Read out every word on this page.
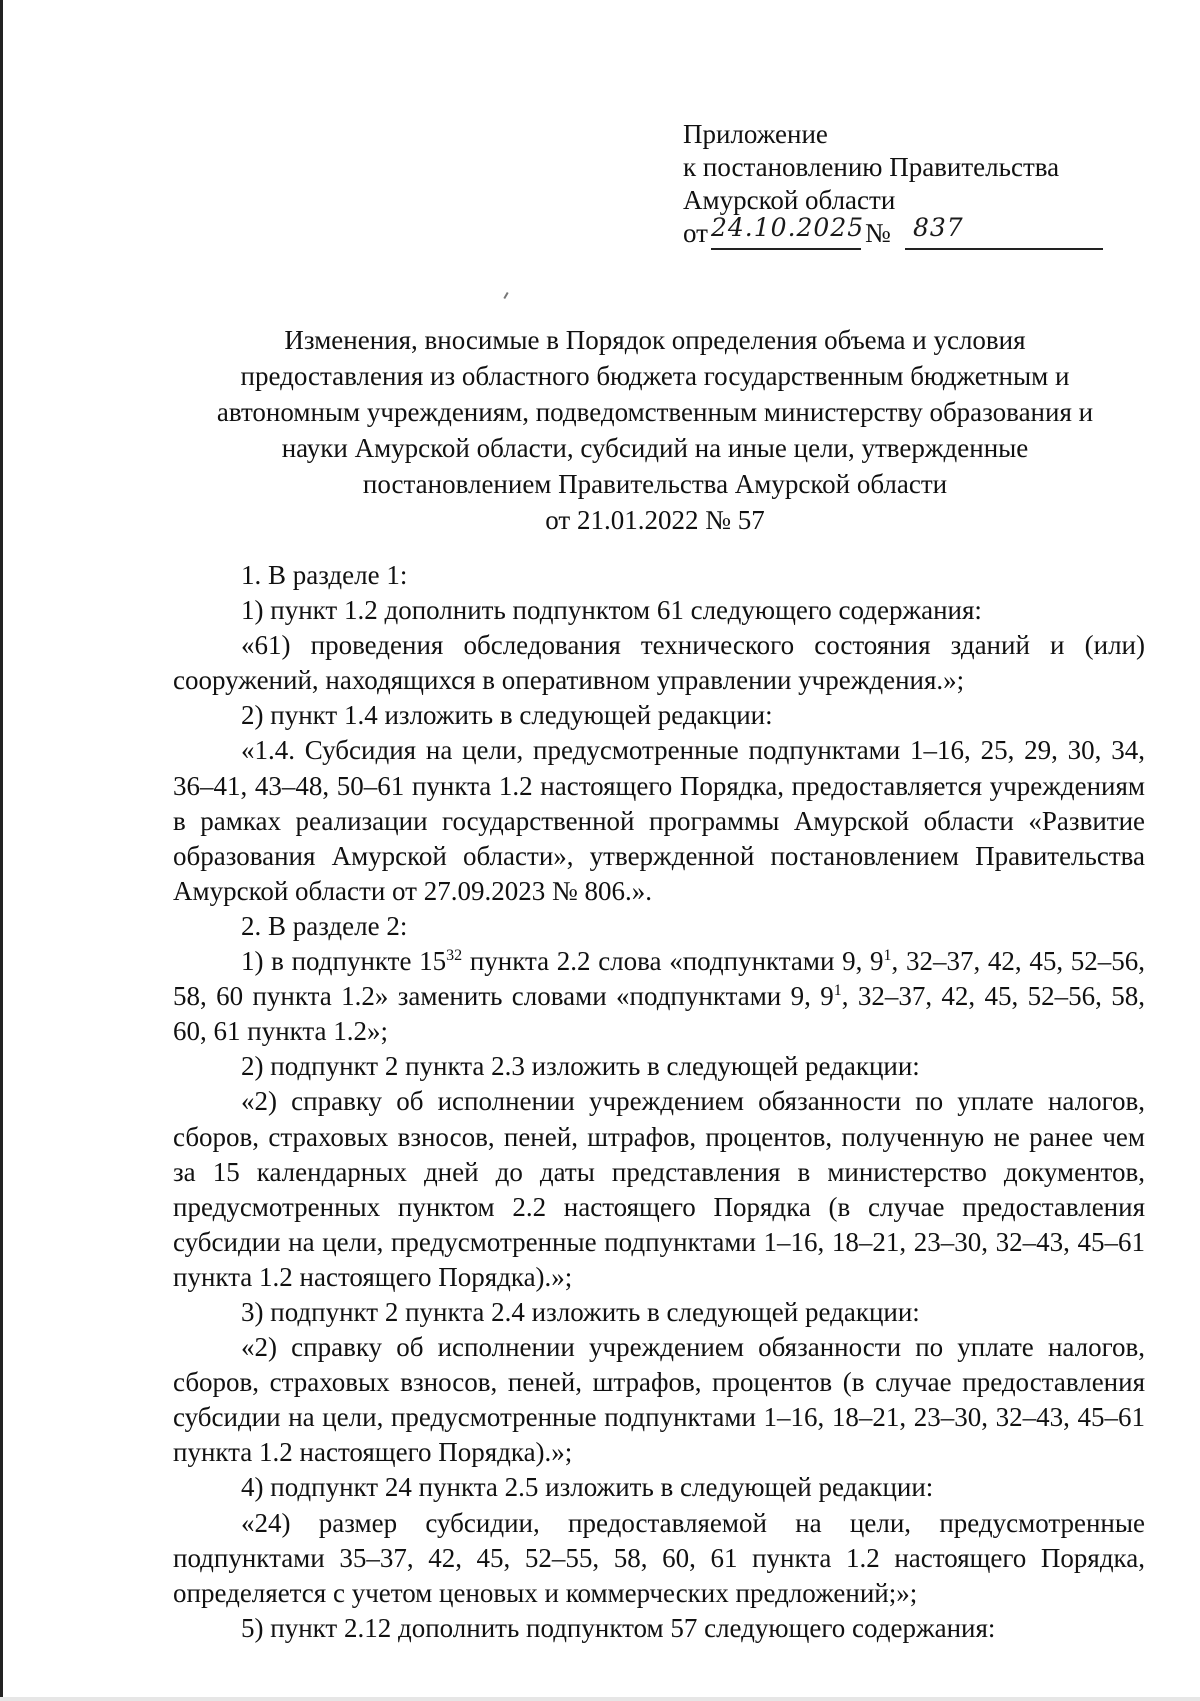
Приложение
к постановлению Правительства
Амурской области
от 24.10.2025 № 837
Изменения, вносимые в Порядок определения объема и условия
предоставления из областного бюджета государственным бюджетным и
автономным учреждениям, подведомственным министерству образования и
науки Амурской области, субсидий на иные цели, утвержденные
постановлением Правительства Амурской области
от 21.01.2022 № 57

1. В разделе 1:

1) пункт 1.2 дополнить подпунктом 61 следующего содержания:

«61) проведения обследования технического состояния зданий и (или) сооружений, находящихся в оперативном управлении учреждения.»;

2) пункт 1.4 изложить в следующей редакции:

«1.4. Субсидия на цели, предусмотренные подпунктами 1–16, 25, 29, 30, 34, 36–41, 43–48, 50–61 пункта 1.2 настоящего Порядка, предоставляется учреждениям в рамках реализации государственной программы Амурской области «Развитие образования Амурской области», утвержденной постановлением Правительства Амурской области от 27.09.2023 № 806.».

2. В разделе 2:

1) в подпункте $15^{32}$ пункта 2.2 слова «подпунктами 9, $9^1$, 32–37, 42, 45, 52–56, 58, 60 пункта 1.2» заменить словами «подпунктами 9, $9^1$, 32–37, 42, 45, 52–56, 58, 60, 61 пункта 1.2»;

2) подпункт 2 пункта 2.3 изложить в следующей редакции:

«2) справку об исполнении учреждением обязанности по уплате налогов, сборов, страховых взносов, пеней, штрафов, процентов, полученную не ранее чем за 15 календарных дней до даты представления в министерство документов, предусмотренных пунктом 2.2 настоящего Порядка (в случае предоставления субсидии на цели, предусмотренные подпунктами 1–16, 18–21, 23–30, 32–43, 45–61 пункта 1.2 настоящего Порядка).»;

3) подпункт 2 пункта 2.4 изложить в следующей редакции:

«2) справку об исполнении учреждением обязанности по уплате налогов, сборов, страховых взносов, пеней, штрафов, процентов (в случае предоставления субсидии на цели, предусмотренные подпунктами 1–16, 18–21, 23–30, 32–43, 45–61 пункта 1.2 настоящего Порядка).»;

4) подпункт 24 пункта 2.5 изложить в следующей редакции:

«24) размер субсидии, предоставляемой на цели, предусмотренные подпунктами 35–37, 42, 45, 52–55, 58, 60, 61 пункта 1.2 настоящего Порядка, определяется с учетом ценовых и коммерческих предложений;»;

5) пункт 2.12 дополнить подпунктом 57 следующего содержания:
